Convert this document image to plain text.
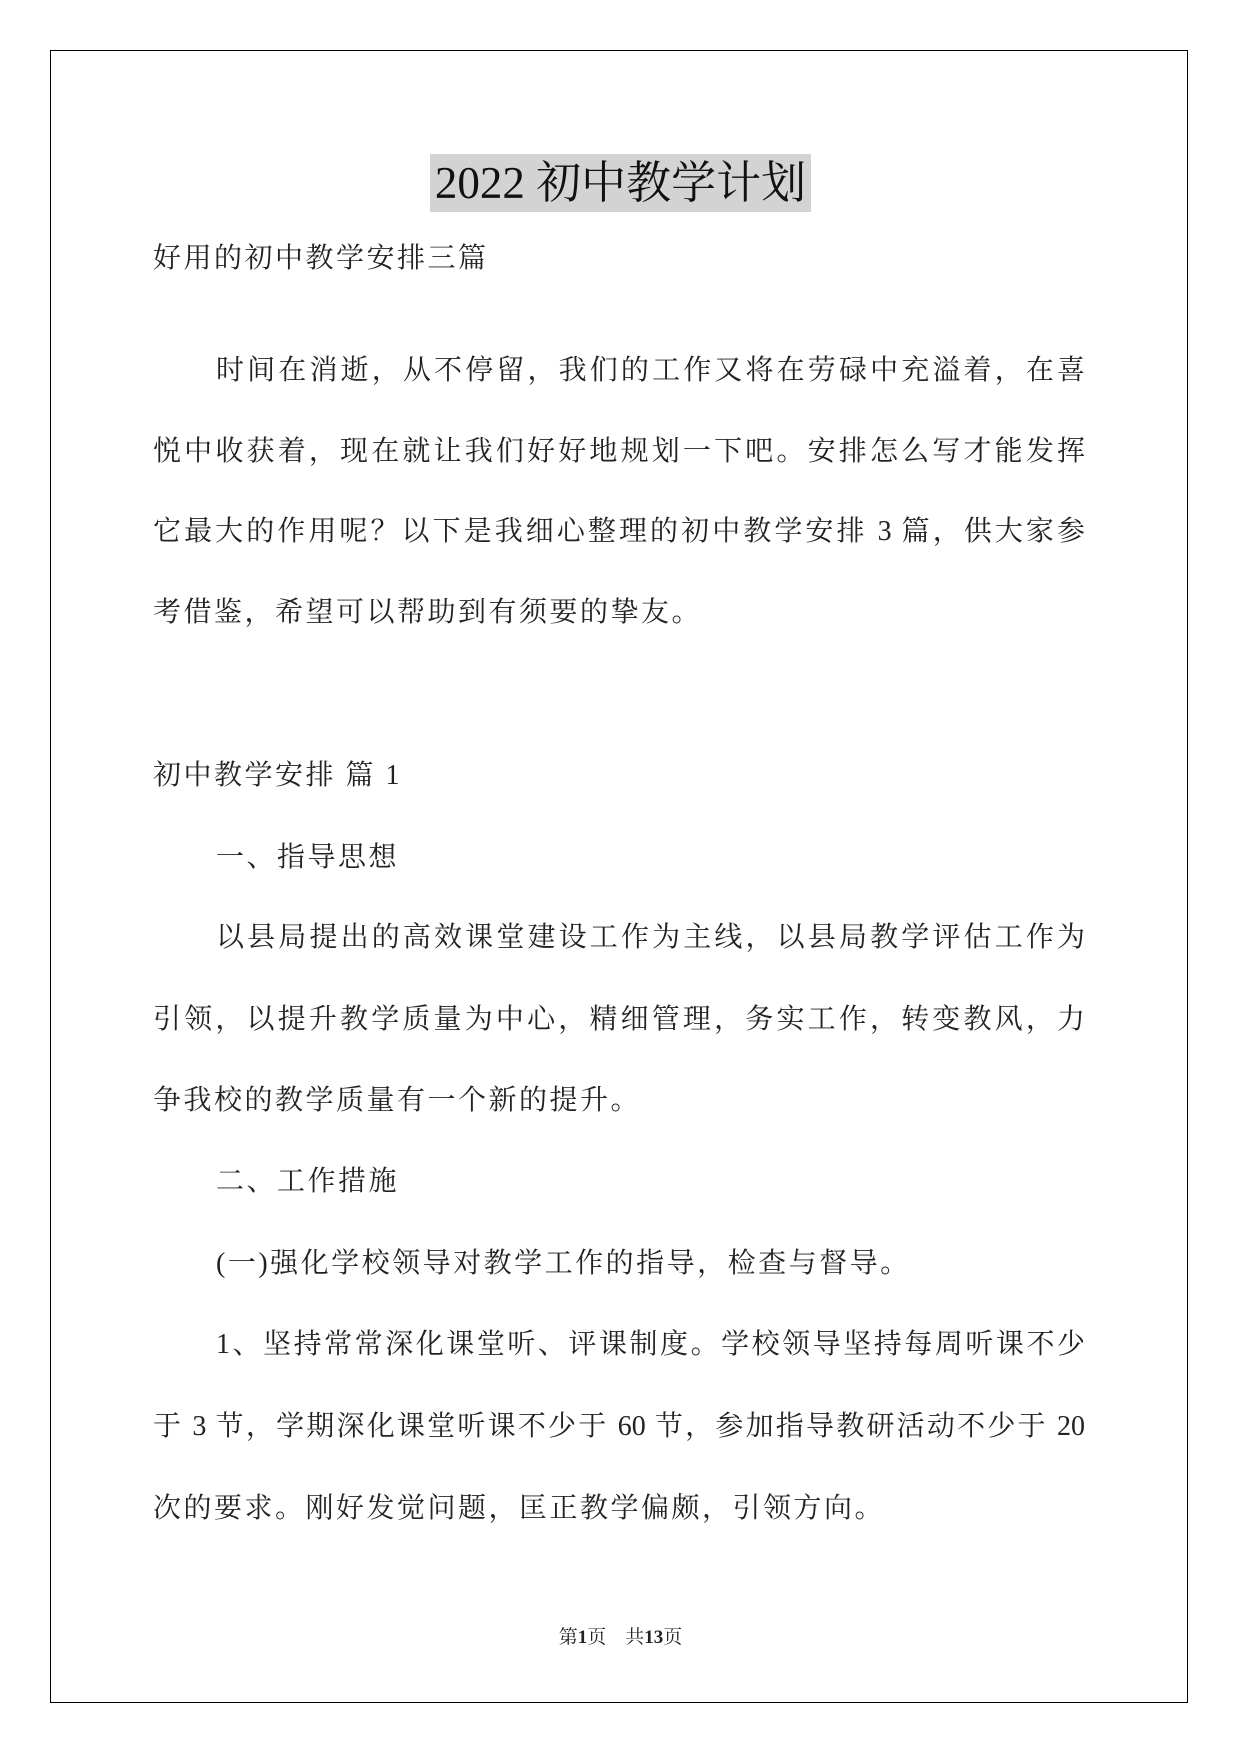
2022 初中教学计划
好用的初中教学安排三篇
时间在消逝，从不停留，我们的工作又将在劳碌中充溢着，在喜
悦中收获着，现在就让我们好好地规划一下吧。安排怎么写才能发挥
它最大的作用呢？以下是我细心整理的初中教学安排 3 篇，供大家参
考借鉴，希望可以帮助到有须要的挚友。
初中教学安排 篇 1
一、指导思想
以县局提出的高效课堂建设工作为主线，以县局教学评估工作为
引领，以提升教学质量为中心，精细管理，务实工作，转变教风，力
争我校的教学质量有一个新的提升。
二、工作措施
(一)强化学校领导对教学工作的指导，检查与督导。
1、坚持常常深化课堂听、评课制度。学校领导坚持每周听课不少
于 3 节，学期深化课堂听课不少于 60 节，参加指导教研活动不少于 20
次的要求。刚好发觉问题，匡正教学偏颇，引领方向。
第1页 共13页
